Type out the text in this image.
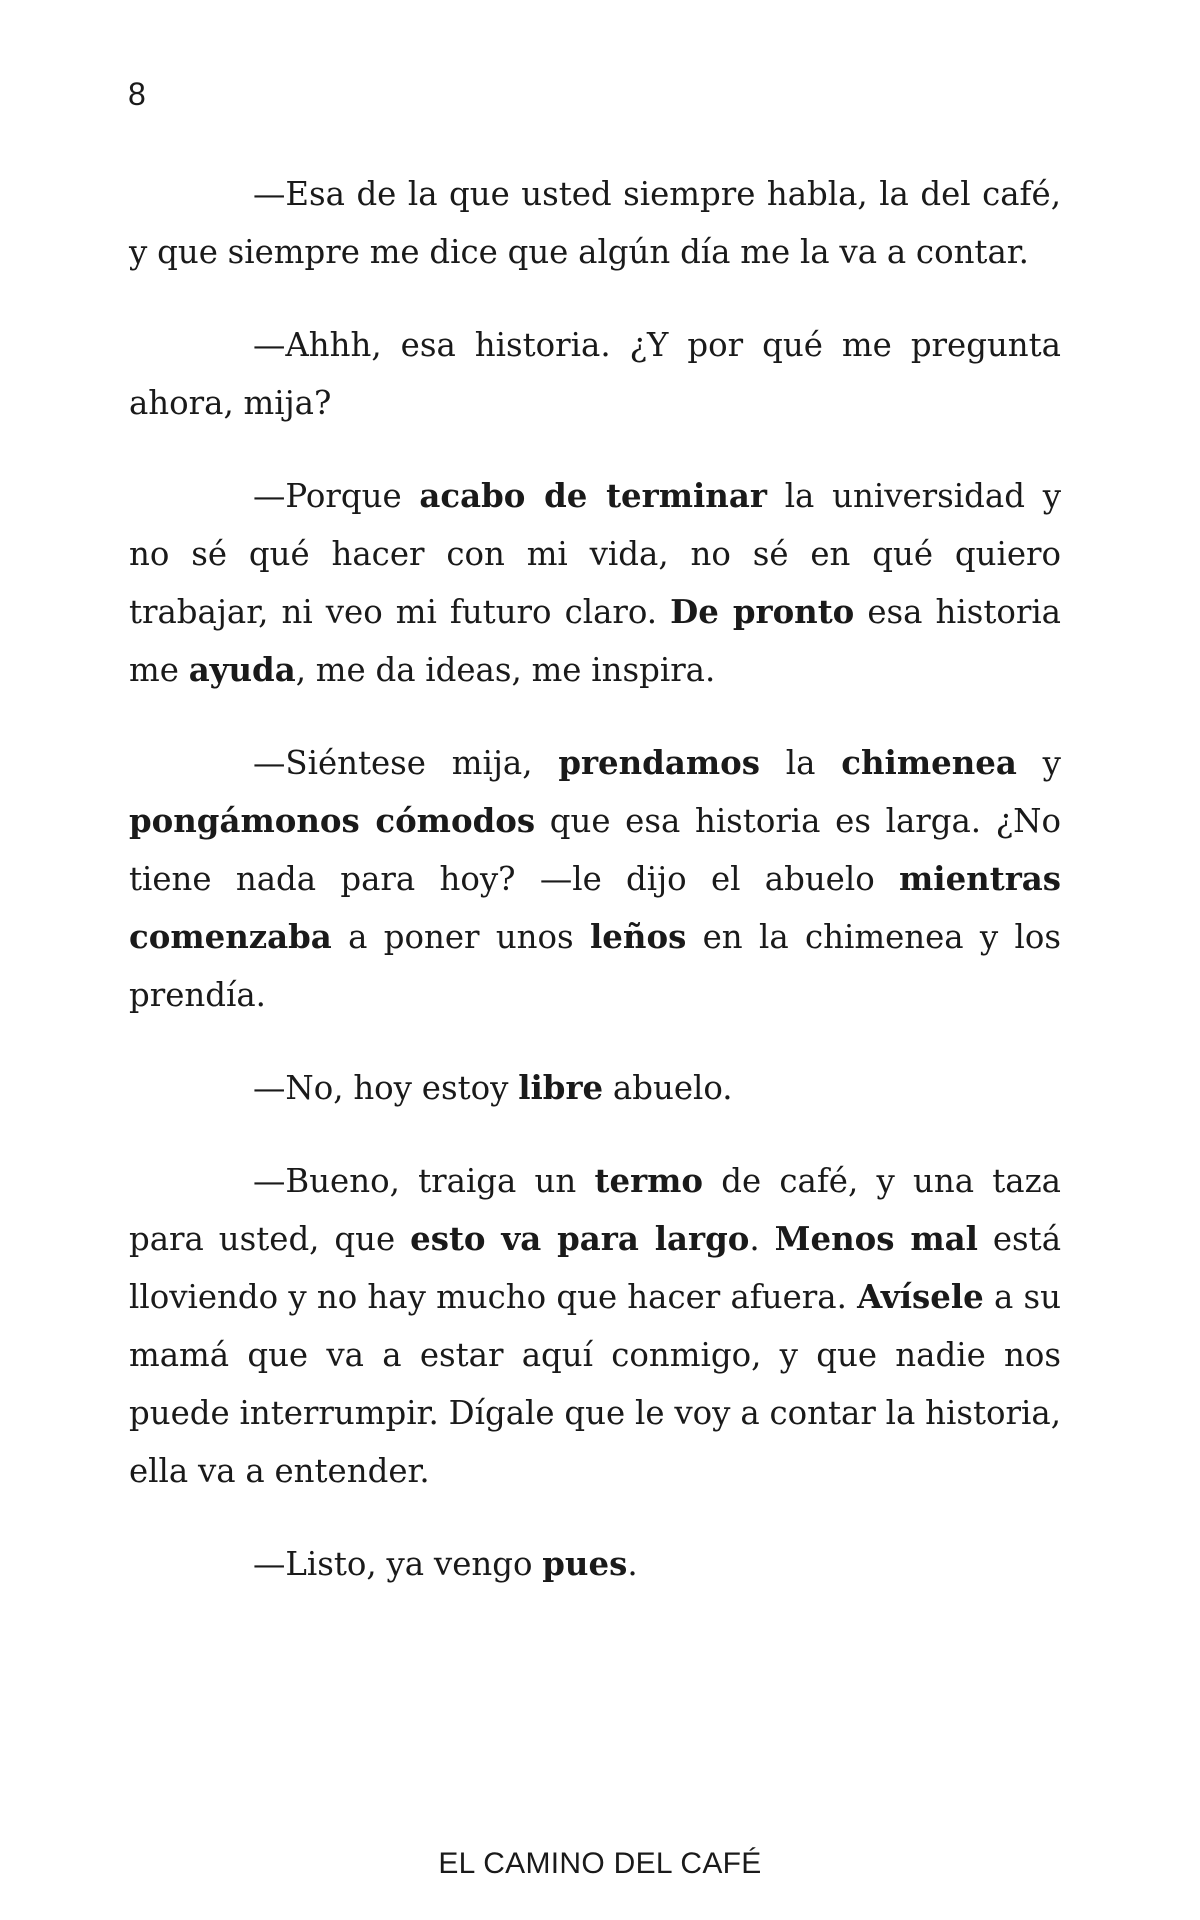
8

—Esa de la que usted siempre habla, la del café, y que siempre me dice que algún día me la va a contar.

—Ahhh, esa historia. ¿Y por qué me pregunta ahora, mija?

—Porque acabo de terminar la universidad y no sé qué hacer con mi vida, no sé en qué quiero trabajar, ni veo mi futuro claro. De pronto esa historia me ayuda, me da ideas, me inspira.

—Siéntese mija, prendamos la chimenea y pongámonos cómodos que esa historia es larga. ¿No tiene nada para hoy? —le dijo el abuelo mientras comenzaba a poner unos leños en la chimenea y los prendía.

—No, hoy estoy libre abuelo.

—Bueno, traiga un termo de café, y una taza para usted, que esto va para largo. Menos mal está lloviendo y no hay mucho que hacer afuera. Avísele a su mamá que va a estar aquí conmigo, y que nadie nos puede interrumpir. Dígale que le voy a contar la historia, ella va a entender.

—Listo, ya vengo pues.

EL CAMINO DEL CAFÉ
